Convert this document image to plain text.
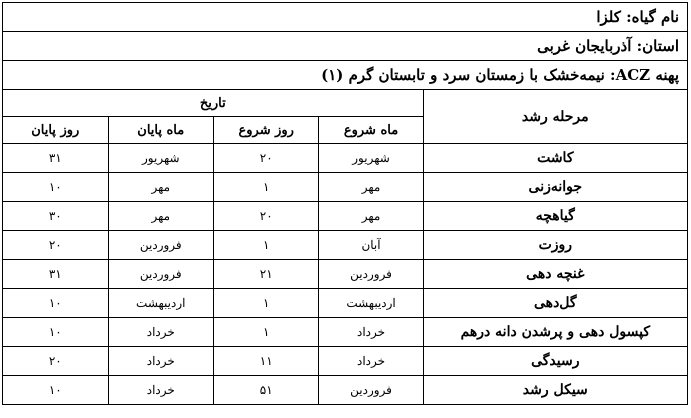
نام گیاه: کلزا
استان: آذربایجان غربی
پهنه ACZ: نیمه‌خشک با زمستان سرد و تابستان گرم (۱)
مرحله رشد	تاریخ			
	ماه شروع	روز شروع	ماه پایان	روز پایان
کاشت	شهریور	۲۰	شهریور	۳۱
جوانه‌زنی	مهر	۱	مهر	۱۰
گیاهچه	مهر	۲۰	مهر	۳۰
روزت	آبان	۱	فروردین	۲۰
غنچه دهی	فروردین	۲۱	فروردین	۳۱
گل‌دهی	اردیبهشت	۱	اردیبهشت	۱۰
کپسول دهی و پرشدن دانه درهم	خرداد	۱	خرداد	۱۰
رسیدگی	خرداد	۱۱	خرداد	۲۰
سیکل رشد	فروردین	۵۱	خرداد	۱۰
